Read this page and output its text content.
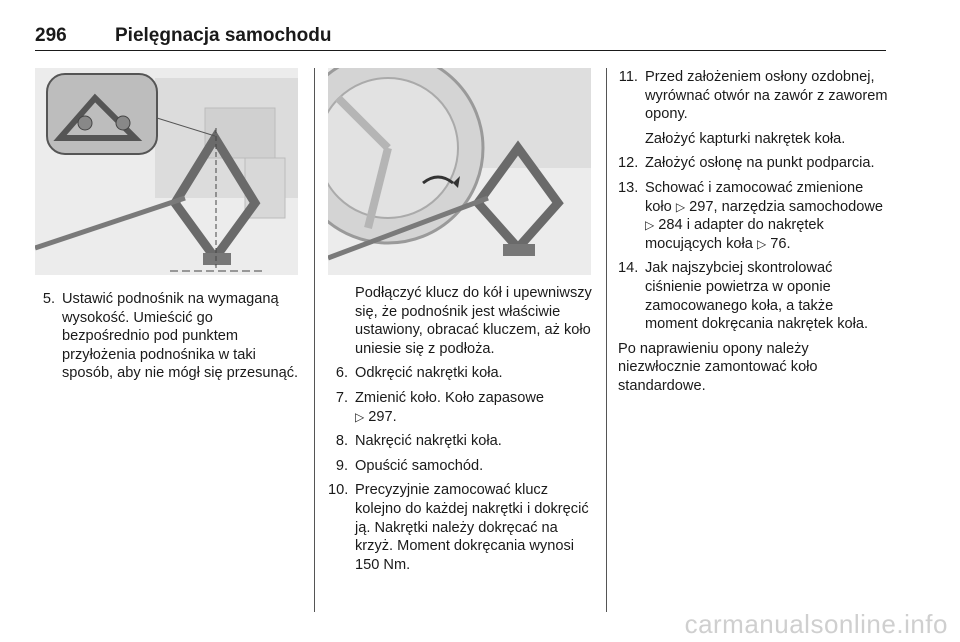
296	Pielęgnacja samochodu
5. Ustawić podnośnik na wymaganą wysokość. Umieścić go bezpośrednio pod punktem przyłożenia podnośnika w taki sposób, aby nie mógł się przesunąć.
Podłączyć klucz do kół i upewniwszy się, że podnośnik jest właściwie ustawiony, obracać kluczem, aż koło uniesie się z podłoża.
6. Odkręcić nakrętki koła.
7. Zmienić koło. Koło zapasowe
▷ 297.
8. Nakręcić nakrętki koła.
9. Opuścić samochód.
10. Precyzyjnie zamocować klucz kolejno do każdej nakrętki i dokręcić ją. Nakrętki należy dokręcać na krzyż. Moment dokręcania wynosi 150 Nm.
11. Przed założeniem osłony ozdobnej, wyrównać otwór na zawór z zaworem opony.
Założyć kapturki nakrętek koła.
12. Założyć osłonę na punkt podparcia.
13. Schować i zamocować zmienione koło ▷ 297, narzędzia samochodowe ▷ 284 i adapter do nakrętek mocujących koła ▷ 76.
14. Jak najszybciej skontrolować ciśnienie powietrza w oponie zamocowanego koła, a także moment dokręcania nakrętek koła.
Po naprawieniu opony należy niezwłocznie zamontować koło standardowe.
carmanualsonline.info
